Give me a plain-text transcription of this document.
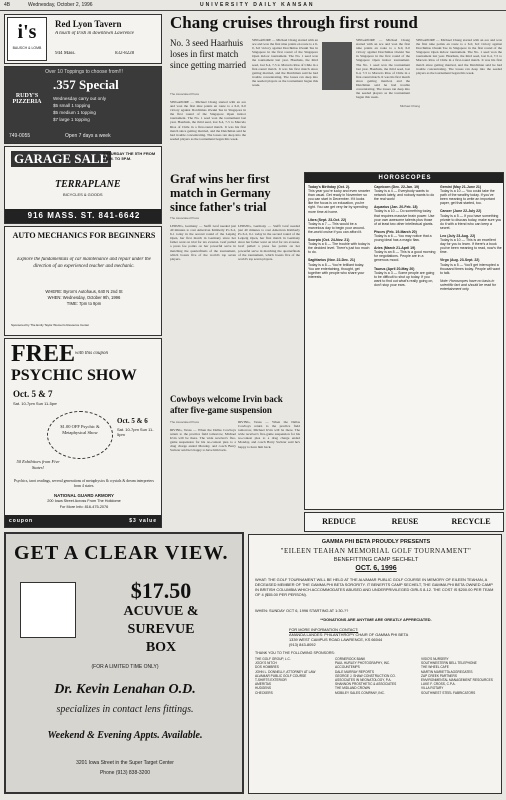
4B	Wednesday, October 2, 1996	UNIVERSITY DAILY KANSAN
i's
BAUSCH & LOMB
Red Lyon Tavern
A touch of Irish in downtown Lawrence
944 Mass.	832-8228
Over 10 Toppings to choose from!!!
.357 Special
Wednesday carry out only
$5 small 1 topping
$5 medium 1 topping
$7 large 1 topping
RUDY'S PIZZERIA
749-0055	Open 7 days a week
GARAGE SALE
SATURDAY THE 5TH FROM 7A.M. TO 5P.M.
TERRAPLANE
BICYCLES & GOODS
916 MASS. ST. 841-6642
AUTO MECHANICS FOR BEGINNERS
Explore the fundamentals of car maintenance and repair under the direction of an experienced teacher and mechanic.
WHERE: Byron's Autohaus, 640 N 2nd St
WHEN: Wednesday, October 9th, 1996
TIME: 7pm to 9pm
Sponsored by The Emily Taylor Women's Resource Center
FREE with this coupon
PSYCHIC SHOW
Oct. 5 & 7
Sat. 10-7pm Sun 11-5pm
$1.00 OFF Psychic & Metaphysical Show
Oct. 5 & 6
Sat. 10-7pm Sun 11-5pm
50 Exhibitors from Five States!
Psychics, tarot readings, several generations of metaphysics & crystals & dream interpreters from 4 states.
NATIONAL GUARD ARMORY
200 Iowa Street Across From The Holidome
For More Info: 816-475-2076
coupon	$3 value
GET A CLEAR VIEW.
$17.50
ACUVUE &
SUREVUE
BOX
(FOR A LIMITED TIME ONLY)
Dr. Kevin Lenahan O.D.
specializes in contact lens fittings.
Weekend & Evening Appts. Available.
3201 Iowa Street in the Super Target Center
Phone (913) 838-3200
Chang cruises through first round
No. 3 seed Haarhuis loses in first match since getting married
The Associated Press
SINGAPORE — Michael Chang started with an ace and won the first nine points en route to a 6-0, 6-0 victory against Dorchimas Owuki Tee in Singapore in the first round of the Singapore Open indoor tournament. The No. 1 seed won the tournament last year. Haarhuis, the third seed, lost 6-4, 7-5 to Marcelo Rios of Chile in a first-round match. It was his first match since getting married, and the Dutchman said he had trouble concentrating. The losses ran deep into the seeded players as the tournament began this week.
SINGAPORE — Michael Chang started with an ace and won the first nine points en route to a 6-0, 6-0 victory against Dorchimas Owuki Tee in Singapore in the first round of the Singapore Open indoor tournament. The No. 1 seed won the tournament last year. Haarhuis, the third seed, lost 6-4, 7-5 to Marcelo Rios of Chile in a first-round match. It was his first match since getting married, and the Dutchman said he had trouble concentrating. The losses ran deep into the seeded players as the tournament began this week.
SINGAPORE — Michael Chang started with an ace and won the first nine points en route to a 6-0, 6-0 victory against Dorchimas Owuki Tee in Singapore in the first round of the Singapore Open indoor tournament. The No. 1 seed won the tournament last year. Haarhuis, the third seed, lost 6-4, 7-5 to Marcelo Rios of Chile in a first-round match. It was his first match since getting married, and the Dutchman said he had trouble concentrating. The losses ran deep into the seeded players as the tournament began this week.
Michael Chang
SINGAPORE — Michael Chang started with an ace and won the first nine points en route to a 6-0, 6-0 victory against Dorchimas Owuki Tee in Singapore in the first round of the Singapore Open indoor tournament. The No. 1 seed won the tournament last year. Haarhuis, the third seed, lost 6-4, 7-5 to Marcelo Rios of Chile in a first-round match. It was his first match since getting married, and the Dutchman said he had trouble concentrating. The losses ran deep into the seeded players as the tournament began this week.
Graf wins her first match in Germany since father's trial
The Associated Press
LEIPZIG, Germany — Steffi Graf needed just 40 minutes to rout American Kimberly Po 6-2, 6-1 today in the second round of the Leipzig Open, her first match in Germany since her father went on trial for tax evasion. Graf pulled a press fee points on her powerful serve in matching the quarterfinals of the tournament, which boasts five of the world's top seven players.
LEIPZIG, Germany — Steffi Graf needed just 40 minutes to rout American Kimberly Po 6-2, 6-1 today in the second round of the Leipzig Open, her first match in Germany since her father went on trial for tax evasion. Graf pulled a press fee points on her powerful serve in matching the quarterfinals of the tournament, which boasts five of the world's top seven players.
Cowboys welcome Irvin back after five-game suspension
The Associated Press
IRVING, Texas — When the Dallas Cowboys return to the practice field tomorrow, Michael Irvin will be there. The wide receiver's five-game suspension for his no-contest plea to a drug charge ended Monday, and coach Barry Switzer said he's happy to have him back.
IRVING, Texas — When the Dallas Cowboys return to the practice field tomorrow, Michael Irvin will be there. The wide receiver's five-game suspension for his no-contest plea to a drug charge ended Monday, and coach Barry Switzer said he's happy to have him back.
HOROSCOPES
Today's Birthday (Oct. 2).
This year you're lucky and even smarter than usual. Get ready in November so you can start in December. If it looks like the focus is on education, you're right. You can get very far by spending more time at home.
Libra (Sept. 23-Oct. 22)
Today is a 7 — This would be a marvelous day to begin your around-the-world cruise if you can afford it.
Scorpio (Oct. 24-Nov. 21)
Today is a 6 — The trouble with today is the decided level. There's just too much to do.
Sagittarius (Nov. 22-Dec. 21)
Today is a 8 — You're brilliant today. You are entertaining, thought, get together with people who share your interests.
Capricorn (Dec. 22-Jan. 19)
Today is a 4 — Everybody wants to network lately, and nobody wants to do the real work!
Aquarius (Jan. 20-Feb. 18)
Today is a 10 — Do something today that requires massive brain power. Use your own awesome talents plus those of at least two other intellectual giants.
Pisces (Feb. 19-March 20)
Today is a 6 — You may notice that a young ideal has a magic flaw.
Aries (March 21-April 19)
Today is an 8 — This is a good morning for negotiations. People are in a generous mood.
Taurus (April 20-May 20)
Today is a 3 — Some people are going to be difficult to shut up today. If you want to find out what's really going on, don't stop your ears.
Gemini (May 21-June 21)
Today is a 10 — You could take the path of the wealthy today. If you've been meaning to write an important paper, get that started, too.
Cancer (June 22-July 22)
Today is a 5 — If you have something private to discuss today, make sure you do it with a friend who can keep a secret.
Leo (July 23-Aug. 22)
Today is a 10 — This is an excellent day for you to learn. If there's a book you've been meaning to read, now's the time.
Virgo (Aug. 23-Sept. 22)
Today is a 5 — You'll get interrupted a thousand times today. People will want to talk.
Note: Horoscopes have no basis in scientific fact and should be read for entertainment only.
REDUCE	REUSE	RECYCLE
GAMMA PHI BETA PROUDLY PRESENTS
"EILEEN TEAHAN MEMORIAL GOLF TOURNAMENT"
BENEFITTING CAMP SECHELT
OCT. 6, 1996
WHAT: THE GOLF TOURNAMENT WILL BE HELD AT THE ALVAMAR PUBLIC GOLF COURSE IN MEMORY OF EILEEN TEAHAN, A DECEASED MEMBER OF THE GAMMA PHI BETA SORORITY. IT BENEFITS CAMP SECHELT, THE GAMMA PHI BETA OWNED CAMP IN BRITISH COLUMBIA WHICH ACCOMMODATES ABUSED AND UNDERPRIVILEGED GIRLS 8-12. THE COST IS $200.00 PER TEAM OF 4 ($55.00 PER PERSON).
WHEN: SUNDAY OCT 6, 1996 STARTING AT 1:30-??
**DONATIONS ARE ANYTIME ARE GREATLY APPRECIATED.
FOR MORE INFORMATION CONTACT:
AMANDA LANDES: PHILANTHROPY CHAIR OF GAMMA PHI BETA
1339 WEST CAMPUS ROAD LAWRENCE, KS 66044
(913) 843-8092
THANK YOU TO THE FOLLOWING SPONSORS:
THE GOLF GROUP, L.C.
JOCK'S NITCH
DOS HOMBRES
JOHN L. DONNELLY, ATTORNEY AT LAW
ALVAMAR PUBLIC GOLF COURSE
T-SHIRTS EXTERIOR
AMERITAS
HUDGENS
CHECKERS
CORNEROCK BANK
PAUL HURLEY PHOTOGRAPHY, INC.
ACCOUNTEMPS
DALE MURRAY REPORTS
GEORGE J. SHAW CONSTRUCTION CO.
ASSOCIATES IN NEONATOLOGY, P.A.
SHANNON PROSTHETIC & ASSOCIATES
THE MIDLAND CROWN
MOBILEY SALES COMPANY, INC.
VISIO'S NURSERY
SOUTHWESTERN BELL TELEPHONE
THE WHEEL CAFE
MARTIN MARIETTA AGGREGATES
ZAP CREEK PARTNERS
ENVIRONMENTAL MANAGEMENT RESOURCES
LUKE F. CROSS, C.P.A.
VILLA ROTARY
SOUTHWEST STEEL FABRICATORS
